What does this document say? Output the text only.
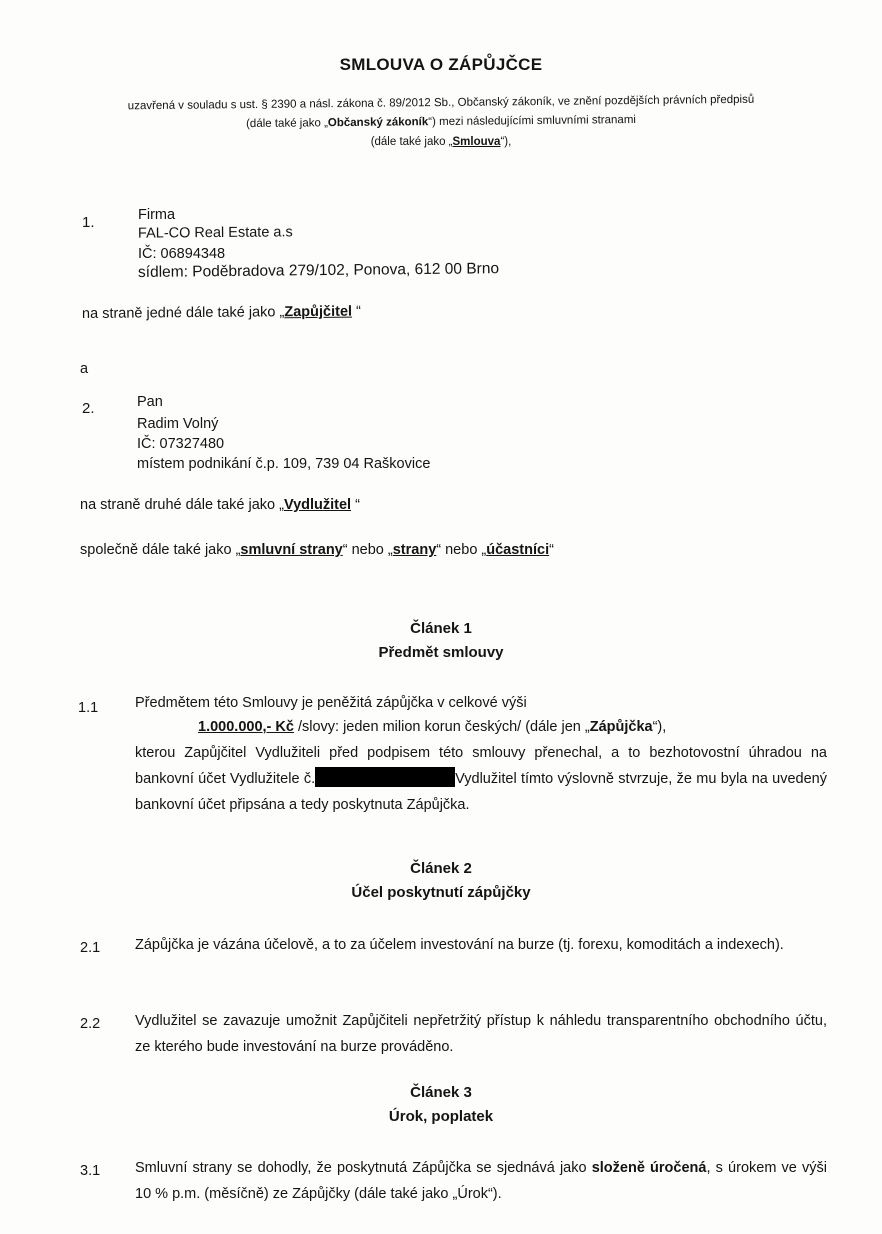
SMLOUVA O ZÁPŮJČCE
uzavřená v souladu s ust. § 2390 a násl. zákona č. 89/2012 Sb., Občanský zákoník, ve znění pozdějších právních předpisů
(dále také jako „Občanský zákoník“) mezi následujícími smluvními stranami
(dále také jako „Smlouva“),
1.	Firma
FAL-CO Real Estate a.s
IČ: 06894348
sídlem: Poděbradova 279/102, Ponova, 612 00 Brno
na straně jedné dále také jako „Zapůjčitel “
a
2.	Pan
Radim Volný
IČ: 07327480
místem podnikání č.p. 109, 739 04 Raškovice
na straně druhé dále také jako „Vydlužitel “
společně dále také jako „smluvní strany“ nebo „strany“ nebo „účastníci“
Článek 1
Předmět smlouvy
1.1	Předmětem této Smlouvy je peněžitá zápůjčka v celkové výši
1.000.000,- Kč /slovy: jeden milion korun českých/ (dále jen „Zápůjčka“),
kterou Zapůjčitel Vydlužiteli před podpisem této smlouvy přenechal, a to bezhotovostní úhradou na bankovní účet Vydlužitele č.	Vydlužitel tímto výslovně stvrzuje, že mu byla na uvedený bankovní účet připsána a tedy poskytnuta Zápůjčka.
Článek 2
Účel poskytnutí zápůjčky
2.1 Zápůjčka je vázána účelově, a to za účelem investování na burze (tj. forexu, komoditách a indexech).
2.2 Vydlužitel se zavazuje umožnit Zapůjčiteli nepřetržitý přístup k náhledu transparentního obchodního účtu, ze kterého bude investování na burze prováděno.
Článek 3
Úrok, poplatek
3.1 Smluvní strany se dohodly, že poskytnutá Zápůjčka se sjednává jako složeně úročená, s úrokem ve výši 10 % p.m. (měsíčně) ze Zápůjčky (dále také jako „Úrok“).
